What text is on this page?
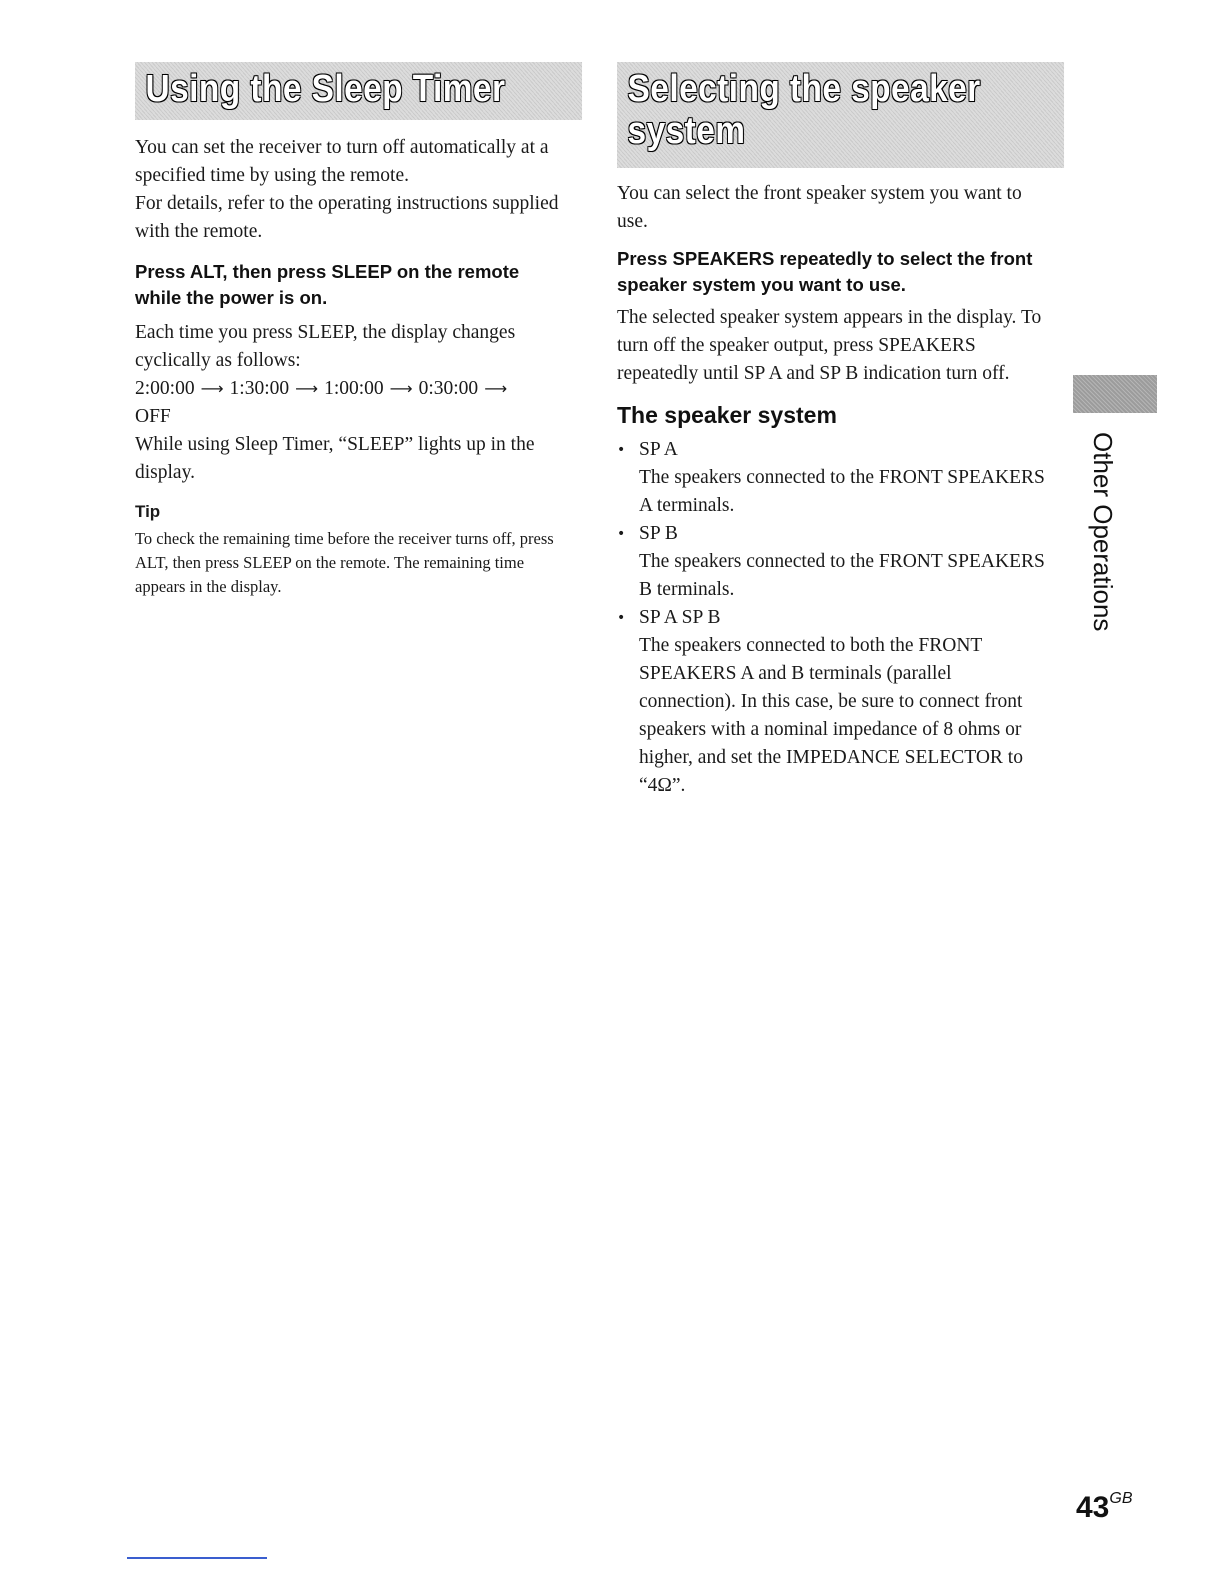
Using the Sleep Timer

You can set the receiver to turn off automatically at a specified time by using the remote.

For details, refer to the operating instructions supplied with the remote.

Press ALT, then press SLEEP on the remote while the power is on.

Each time you press SLEEP, the display changes cyclically as follows:

2:00:00 ⟶ 1:30:00 ⟶ 1:00:00 ⟶ 0:30:00 ⟶
OFF

While using Sleep Timer, “SLEEP” lights up in the display.

Tip

To check the remaining time before the receiver turns off, press ALT, then press SLEEP on the remote. The remaining time appears in the display.

Selecting the speaker
system

You can select the front speaker system you want to use.

Press SPEAKERS repeatedly to select the front speaker system you want to use.

The selected speaker system appears in the display. To turn off the speaker output, press SPEAKERS repeatedly until SP A and SP B indication turn off.

The speaker system

• SP A
The speakers connected to the FRONT SPEAKERS A terminals.
• SP B
The speakers connected to the FRONT SPEAKERS B terminals.
• SP A SP B
The speakers connected to both the FRONT SPEAKERS A and B terminals (parallel connection). In this case, be sure to connect front speakers with a nominal impedance of 8 ohms or higher, and set the IMPEDANCE SELECTOR to “4Ω”.
Other Operations
$43^{GB}$
